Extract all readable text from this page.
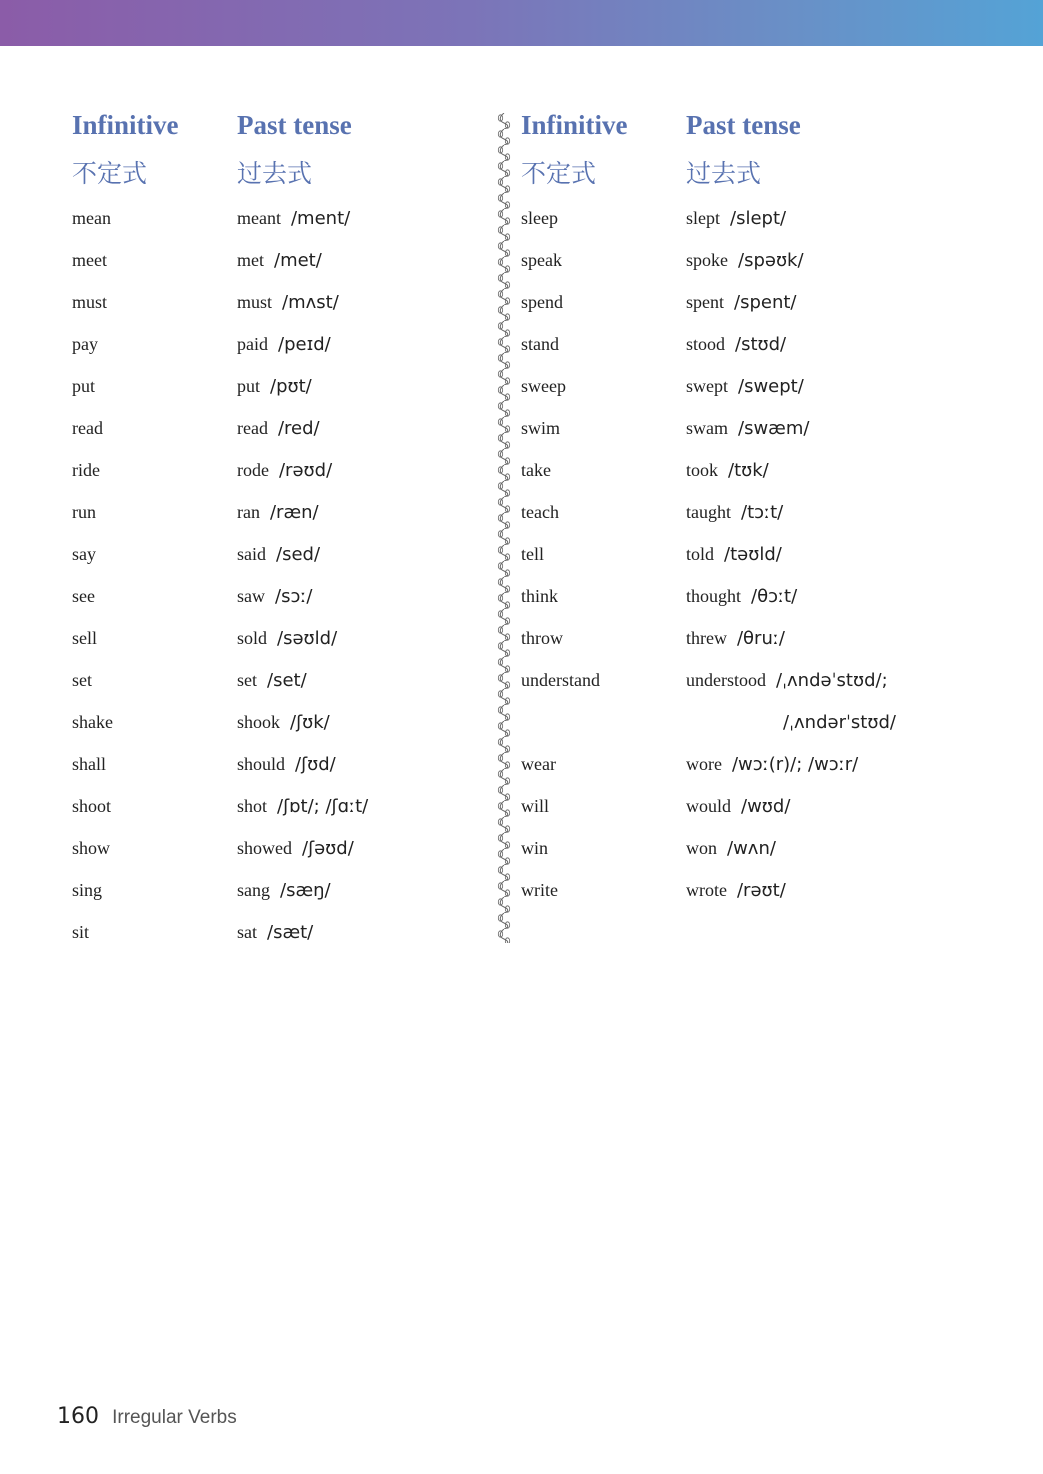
Infinitive Past tense
不定式	过去式
mean	meant /ment/
meet	met /met/
must	must /mʌst/
pay	paid /peɪd/
put	put /pʊt/
read	read /red/
ride	rode /rəʊd/
run	ran /ræn/
say	said /sed/
see	saw /sɔː/
sell	sold /səʊld/
set	set /set/
shake	shook /ʃʊk/
shall	should /ʃʊd/
shoot	shot /ʃɒt/; /ʃɑːt/
show	showed /ʃəʊd/
sing	sang /sæŋ/
sit	sat /sæt/
Infinitive Past tense
不定式	过去式
sleep	slept /slept/
speak	spoke /spəʊk/
spend	spent /spent/
stand	stood /stʊd/
sweep	swept /swept/
swim	swam /swæm/
take	took /tʊk/
teach	taught /tɔːt/
tell	told /təʊld/
think	thought /θɔːt/
throw	threw /θruː/
understand	understood /ˌʌndəˈstʊd/;
/ˌʌndərˈstʊd/
wear	wore /wɔː(r)/; /wɔːr/
will	would /wʊd/
win	won /wʌn/
write	wrote /rəʊt/
160 Irregular Verbs
